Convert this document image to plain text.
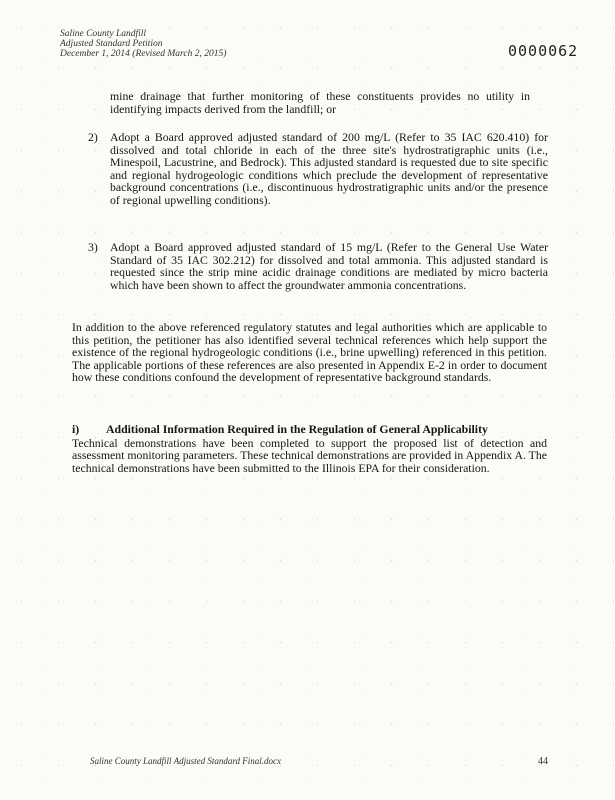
Saline County Landfill
Adjusted Standard Petition
December 1, 2014 (Revised March 2, 2015)	0000062
mine drainage that further monitoring of these constituents provides no utility in identifying impacts derived from the landfill; or
2) Adopt a Board approved adjusted standard of 200 mg/L (Refer to 35 IAC 620.410) for dissolved and total chloride in each of the three site's hydrostratigraphic units (i.e., Minespoil, Lacustrine, and Bedrock). This adjusted standard is requested due to site specific and regional hydrogeologic conditions which preclude the development of representative background concentrations (i.e., discontinuous hydrostratigraphic units and/or the presence of regional upwelling conditions).
3) Adopt a Board approved adjusted standard of 15 mg/L (Refer to the General Use Water Standard of 35 IAC 302.212) for dissolved and total ammonia. This adjusted standard is requested since the strip mine acidic drainage conditions are mediated by micro bacteria which have been shown to affect the groundwater ammonia concentrations.
In addition to the above referenced regulatory statutes and legal authorities which are applicable to this petition, the petitioner has also identified several technical references which help support the existence of the regional hydrogeologic conditions (i.e., brine upwelling) referenced in this petition. The applicable portions of these references are also presented in Appendix E-2 in order to document how these conditions confound the development of representative background standards.
i) Additional Information Required in the Regulation of General Applicability
Technical demonstrations have been completed to support the proposed list of detection and assessment monitoring parameters. These technical demonstrations are provided in Appendix A. The technical demonstrations have been submitted to the Illinois EPA for their consideration.
Saline County Landfill Adjusted Standard Final.docx	44
